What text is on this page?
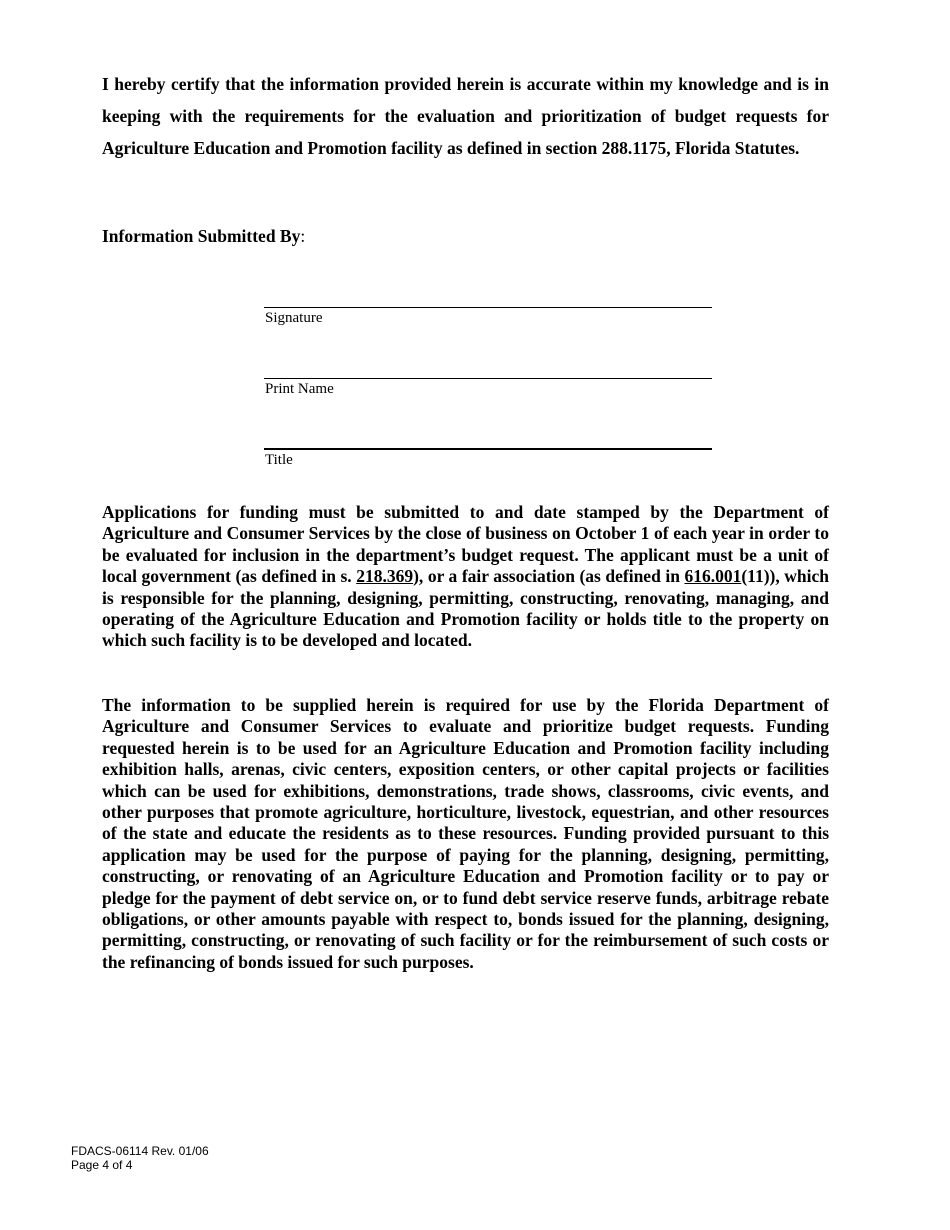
I hereby certify that the information provided herein is accurate within my knowledge and is in keeping with the requirements for the evaluation and prioritization of budget requests for Agriculture Education and Promotion facility as defined in section 288.1175, Florida Statutes.

Information Submitted By:

Signature

Print Name

Title

Applications for funding must be submitted to and date stamped by the Department of Agriculture and Consumer Services by the close of business on October 1 of each year in order to be evaluated for inclusion in the department’s budget request. The applicant must be a unit of local government (as defined in s. 218.369), or a fair association (as defined in 616.001(11)), which is responsible for the planning, designing, permitting, constructing, renovating, managing, and operating of the Agriculture Education and Promotion facility or holds title to the property on which such facility is to be developed and located.

The information to be supplied herein is required for use by the Florida Department of Agriculture and Consumer Services to evaluate and prioritize budget requests. Funding requested herein is to be used for an Agriculture Education and Promotion facility including exhibition halls, arenas, civic centers, exposition centers, or other capital projects or facilities which can be used for exhibitions, demonstrations, trade shows, classrooms, civic events, and other purposes that promote agriculture, horticulture, livestock, equestrian, and other resources of the state and educate the residents as to these resources. Funding provided pursuant to this application may be used for the purpose of paying for the planning, designing, permitting, constructing, or renovating of an Agriculture Education and Promotion facility or to pay or pledge for the payment of debt service on, or to fund debt service reserve funds, arbitrage rebate obligations, or other amounts payable with respect to, bonds issued for the planning, designing, permitting, constructing, or renovating of such facility or for the reimbursement of such costs or the refinancing of bonds issued for such purposes.

FDACS-06114 Rev. 01/06
Page 4 of 4
